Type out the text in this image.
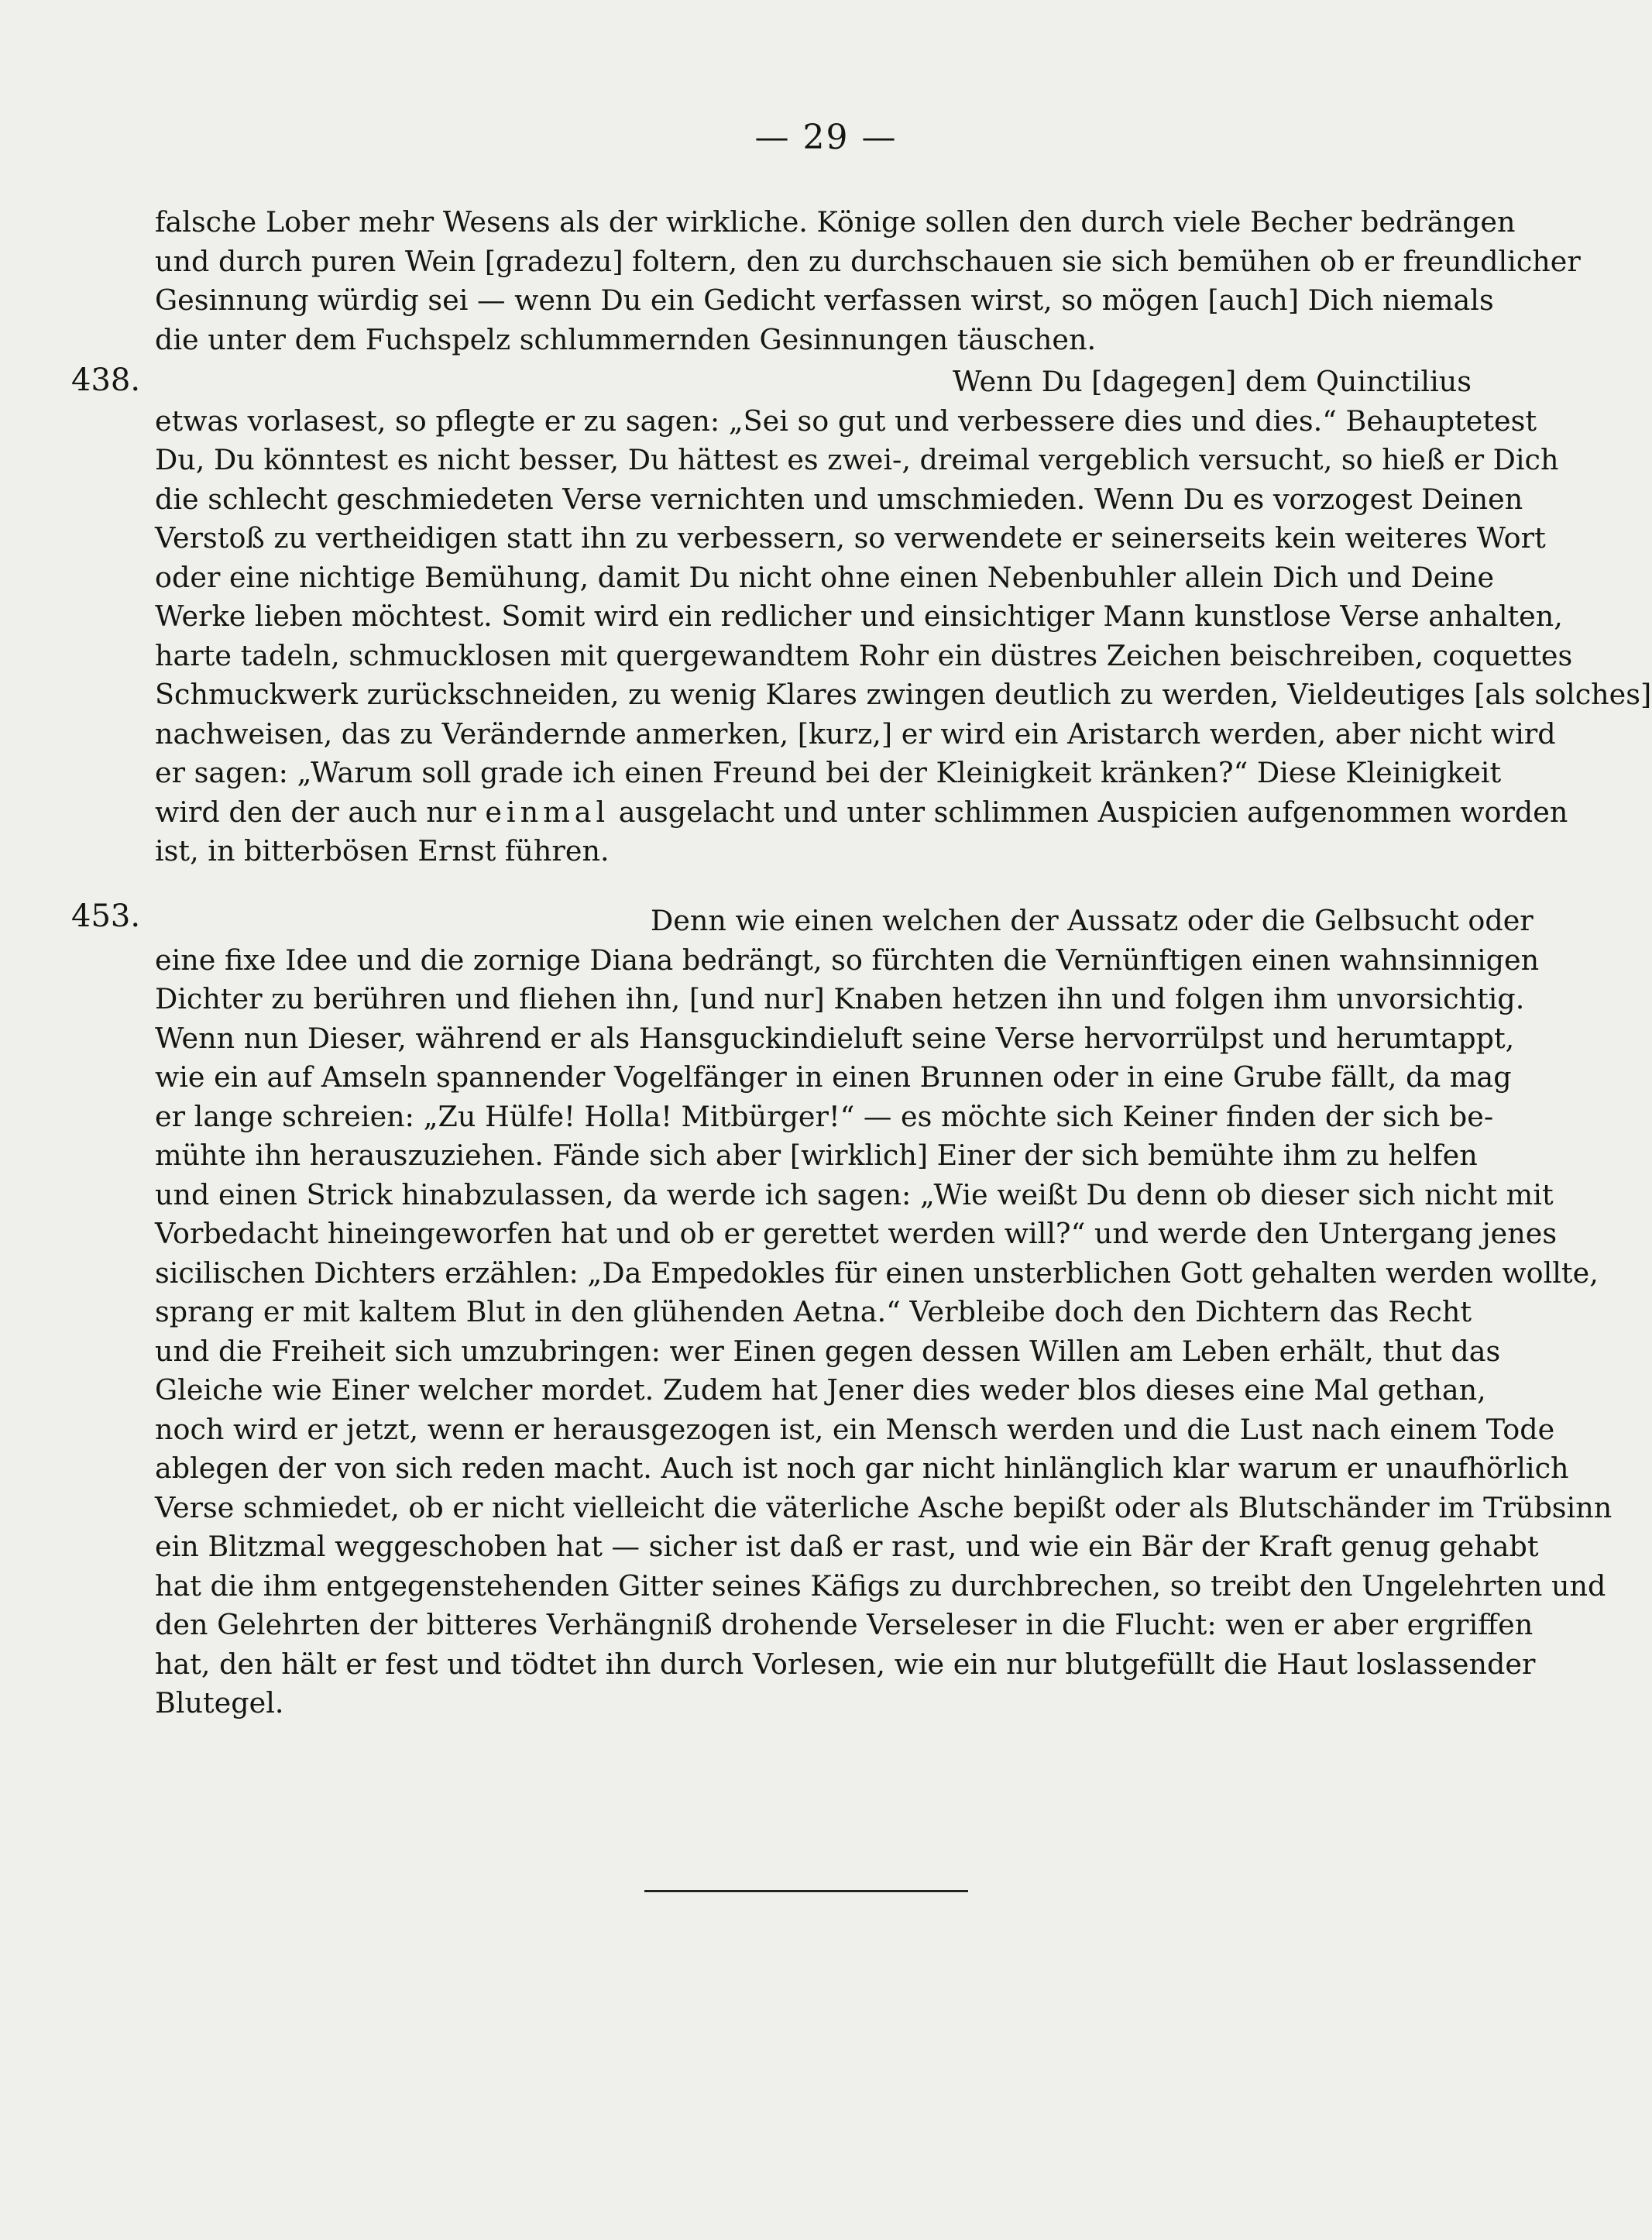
— 29 —
falsche Lober mehr Wesens als der wirkliche. Könige sollen den durch viele Becher bedrängen
und durch puren Wein [gradezu] foltern, den zu durchschauen sie sich bemühen ob er freundlicher
Gesinnung würdig sei — wenn Du ein Gedicht verfassen wirst, so mögen [auch] Dich niemals
die unter dem Fuchspelz schlummernden Gesinnungen täuschen.
438.	Wenn Du [dagegen] dem Quinctilius
etwas vorlasest, so pflegte er zu sagen: „Sei so gut und verbessere dies und dies.“ Behauptetest
Du, Du könntest es nicht besser, Du hättest es zwei-, dreimal vergeblich versucht, so hieß er Dich
die schlecht geschmiedeten Verse vernichten und umschmieden. Wenn Du es vorzogest Deinen
Verstoß zu vertheidigen statt ihn zu verbessern, so verwendete er seinerseits kein weiteres Wort
oder eine nichtige Bemühung, damit Du nicht ohne einen Nebenbuhler allein Dich und Deine
Werke lieben möchtest. Somit wird ein redlicher und einsichtiger Mann kunstlose Verse anhalten,
harte tadeln, schmucklosen mit quergewandtem Rohr ein düstres Zeichen beischreiben, coquettes
Schmuckwerk zurückschneiden, zu wenig Klares zwingen deutlich zu werden, Vieldeutiges [als solches]
nachweisen, das zu Verändernde anmerken, [kurz,] er wird ein Aristarch werden, aber nicht wird
er sagen: „Warum soll grade ich einen Freund bei der Kleinigkeit kränken?“ Diese Kleinigkeit
wird den der auch nur einmal ausgelacht und unter schlimmen Auspicien aufgenommen worden
ist, in bitterbösen Ernst führen.
453.	Denn wie einen welchen der Aussatz oder die Gelbsucht oder
eine fixe Idee und die zornige Diana bedrängt, so fürchten die Vernünftigen einen wahnsinnigen
Dichter zu berühren und fliehen ihn, [und nur] Knaben hetzen ihn und folgen ihm unvorsichtig.
Wenn nun Dieser, während er als Hansguckindieluft seine Verse hervorrülpst und herumtappt,
wie ein auf Amseln spannender Vogelfänger in einen Brunnen oder in eine Grube fällt, da mag
er lange schreien: „Zu Hülfe! Holla! Mitbürger!“ — es möchte sich Keiner finden der sich be-
mühte ihn herauszuziehen. Fände sich aber [wirklich] Einer der sich bemühte ihm zu helfen
und einen Strick hinabzulassen, da werde ich sagen: „Wie weißt Du denn ob dieser sich nicht mit
Vorbedacht hineingeworfen hat und ob er gerettet werden will?“ und werde den Untergang jenes
sicilischen Dichters erzählen: „Da Empedokles für einen unsterblichen Gott gehalten werden wollte,
sprang er mit kaltem Blut in den glühenden Aetna.“ Verbleibe doch den Dichtern das Recht
und die Freiheit sich umzubringen: wer Einen gegen dessen Willen am Leben erhält, thut das
Gleiche wie Einer welcher mordet. Zudem hat Jener dies weder blos dieses eine Mal gethan,
noch wird er jetzt, wenn er herausgezogen ist, ein Mensch werden und die Lust nach einem Tode
ablegen der von sich reden macht. Auch ist noch gar nicht hinlänglich klar warum er unaufhörlich
Verse schmiedet, ob er nicht vielleicht die väterliche Asche bepißt oder als Blutschänder im Trübsinn
ein Blitzmal weggeschoben hat — sicher ist daß er rast, und wie ein Bär der Kraft genug gehabt
hat die ihm entgegenstehenden Gitter seines Käfigs zu durchbrechen, so treibt den Ungelehrten und
den Gelehrten der bitteres Verhängniß drohende Verseleser in die Flucht: wen er aber ergriffen
hat, den hält er fest und tödtet ihn durch Vorlesen, wie ein nur blutgefüllt die Haut loslassender
Blutegel.
